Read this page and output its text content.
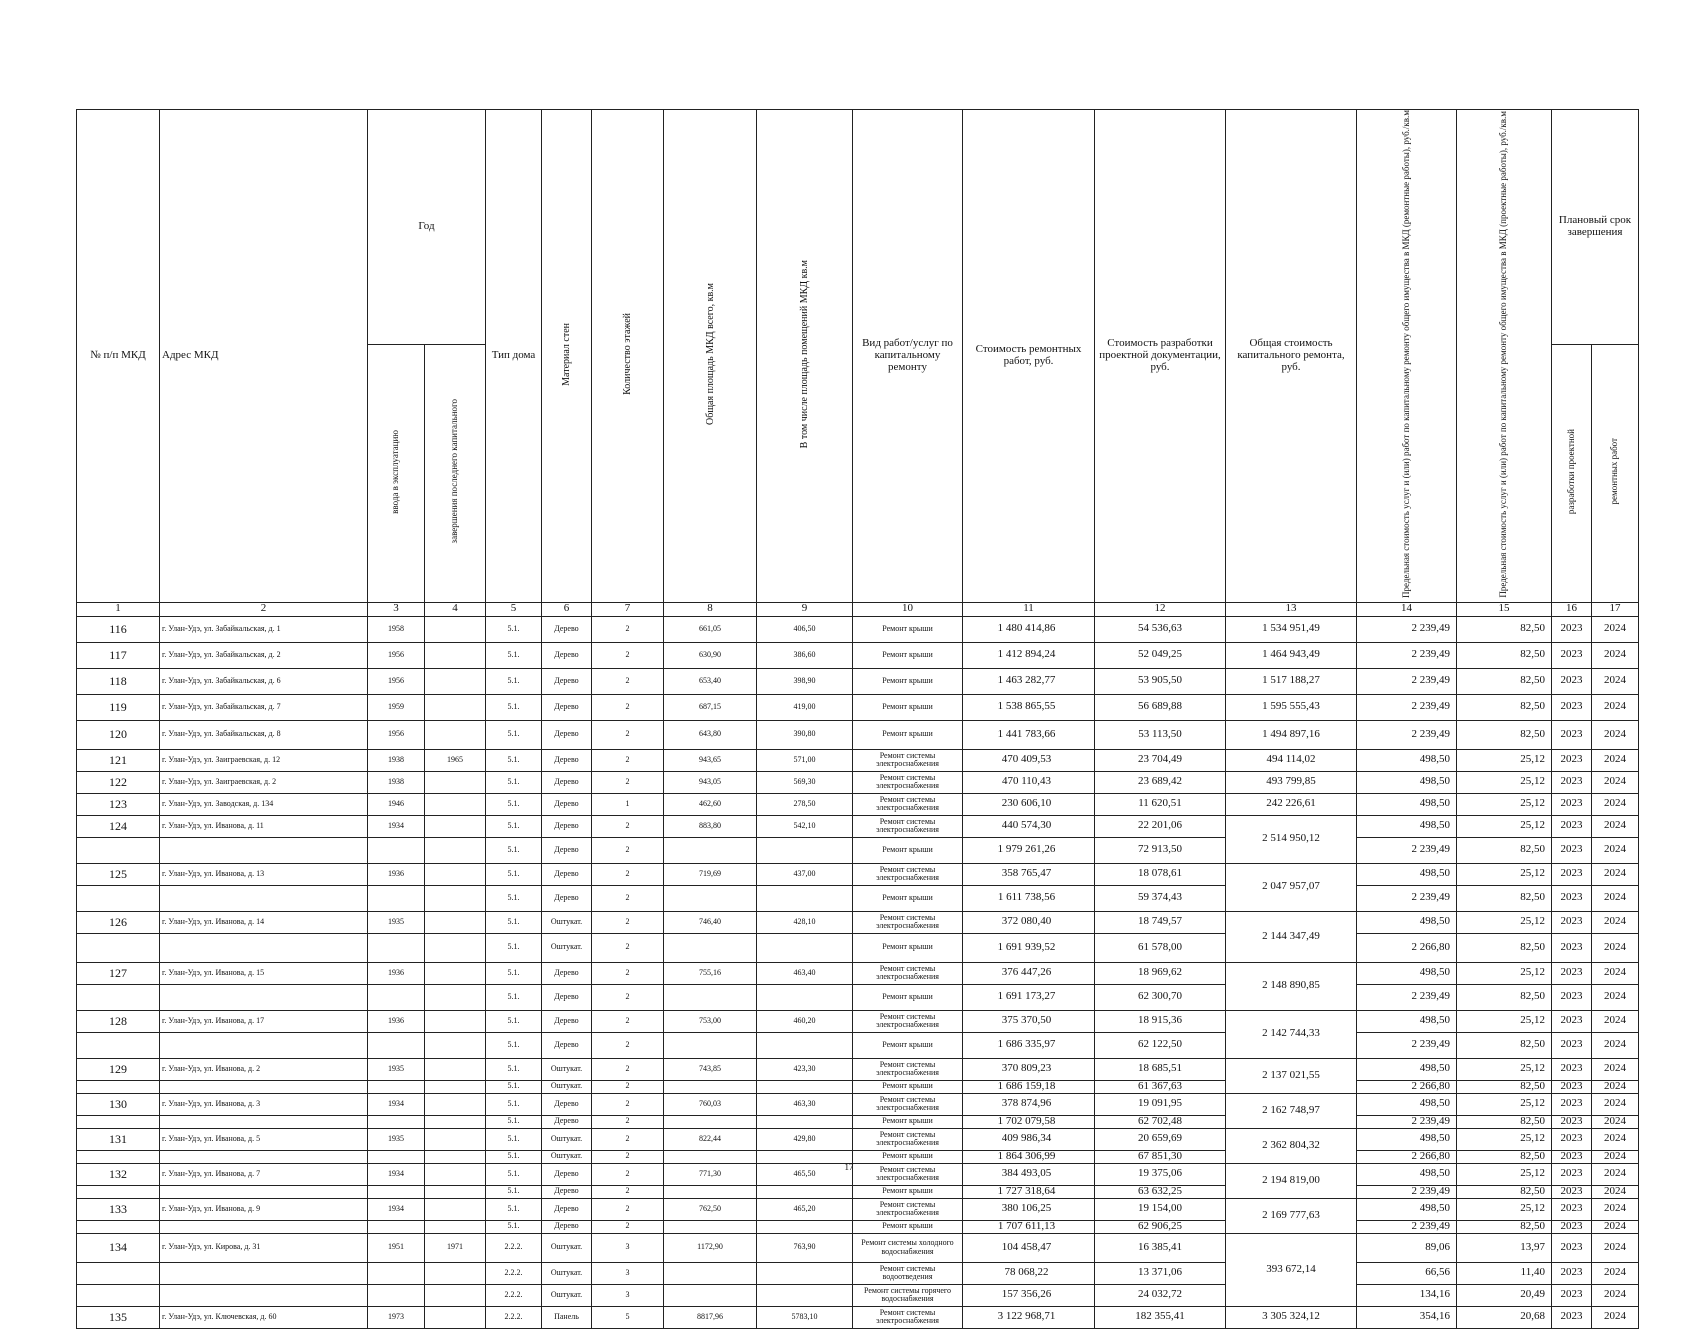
№ п/п МКД	Адрес МКД	Год		Тип дома	Материал стен	Количество этажей	Общая площадь МКД всего, кв.м	В том числе площадь помещений МКД кв.м	Вид работ/услуг по капитальному ремонту	Стоимость ремонтных работ, руб.	Стоимость разработки проектной документации, руб.	Общая стоимость капитального ремонта, руб.	Предельная стоимость услуг и (или) работ по капитальному ремонту общего имущества в МКД (ремонтные работы), руб./кв.м	Предельная стоимость услуг и (или) работ по капитальному ремонту общего имущества в МКД (проектные работы), руб./кв.м	Плановый срок завершения	
		ввода в эксплуатацию	завершения последнего капитального												разработки проектной	ремонтных работ
1	2	3	4	5	6	7	8	9	10	11	12	13	14	15	16	17
116	г. Улан-Удэ, ул. Забайкальская, д. 1	1958		5.1.	Дерево	2	661,05	406,50	Ремонт крыши	1 480 414,86	54 536,63	1 534 951,49	2 239,49	82,50	2023	2024
117	г. Улан-Удэ, ул. Забайкальская, д. 2	1956		5.1.	Дерево	2	630,90	386,60	Ремонт крыши	1 412 894,24	52 049,25	1 464 943,49	2 239,49	82,50	2023	2024
118	г. Улан-Удэ, ул. Забайкальская, д. 6	1956		5.1.	Дерево	2	653,40	398,90	Ремонт крыши	1 463 282,77	53 905,50	1 517 188,27	2 239,49	82,50	2023	2024
119	г. Улан-Удэ, ул. Забайкальская, д. 7	1959		5.1.	Дерево	2	687,15	419,00	Ремонт крыши	1 538 865,55	56 689,88	1 595 555,43	2 239,49	82,50	2023	2024
120	г. Улан-Удэ, ул. Забайкальская, д. 8	1956		5.1.	Дерево	2	643,80	390,80	Ремонт крыши	1 441 783,66	53 113,50	1 494 897,16	2 239,49	82,50	2023	2024
121	г. Улан-Удэ, ул. Заиграевская, д. 12	1938	1965	5.1.	Дерево	2	943,65	571,00	Ремонт системы электроснабжения	470 409,53	23 704,49	494 114,02	498,50	25,12	2023	2024
122	г. Улан-Удэ, ул. Заиграевская, д. 2	1938		5.1.	Дерево	2	943,05	569,30	Ремонт системы электроснабжения	470 110,43	23 689,42	493 799,85	498,50	25,12	2023	2024
123	г. Улан-Удэ, ул. Заводская, д. 134	1946		5.1.	Дерево	1	462,60	278,50	Ремонт системы электроснабжения	230 606,10	11 620,51	242 226,61	498,50	25,12	2023	2024
124	г. Улан-Удэ, ул. Иванова, д. 11	1934		5.1.	Дерево	2	883,80	542,10	Ремонт системы электроснабжения	440 574,30	22 201,06	2 514 950,12	498,50	25,12	2023	2024
				5.1.	Дерево	2			Ремонт крыши	1 979 261,26	72 913,50		2 239,49	82,50	2023	2024
125	г. Улан-Удэ, ул. Иванова, д. 13	1936		5.1.	Дерево	2	719,69	437,00	Ремонт системы электроснабжения	358 765,47	18 078,61	2 047 957,07	498,50	25,12	2023	2024
				5.1.	Дерево	2			Ремонт крыши	1 611 738,56	59 374,43		2 239,49	82,50	2023	2024
126	г. Улан-Удэ, ул. Иванова, д. 14	1935		5.1.	Оштукат.	2	746,40	428,10	Ремонт системы электроснабжения	372 080,40	18 749,57	2 144 347,49	498,50	25,12	2023	2024
				5.1.	Оштукат.	2			Ремонт крыши	1 691 939,52	61 578,00		2 266,80	82,50	2023	2024
127	г. Улан-Удэ, ул. Иванова, д. 15	1936		5.1.	Дерево	2	755,16	463,40	Ремонт системы электроснабжения	376 447,26	18 969,62	2 148 890,85	498,50	25,12	2023	2024
				5.1.	Дерево	2			Ремонт крыши	1 691 173,27	62 300,70		2 239,49	82,50	2023	2024
128	г. Улан-Удэ, ул. Иванова, д. 17	1936		5.1.	Дерево	2	753,00	460,20	Ремонт системы электроснабжения	375 370,50	18 915,36	2 142 744,33	498,50	25,12	2023	2024
				5.1.	Дерево	2			Ремонт крыши	1 686 335,97	62 122,50		2 239,49	82,50	2023	2024
129	г. Улан-Удэ, ул. Иванова, д. 2	1935		5.1.	Оштукат.	2	743,85	423,30	Ремонт системы электроснабжения	370 809,23	18 685,51	2 137 021,55	498,50	25,12	2023	2024
				5.1.	Оштукат.	2			Ремонт крыши	1 686 159,18	61 367,63		2 266,80	82,50	2023	2024
130	г. Улан-Удэ, ул. Иванова, д. 3	1934		5.1.	Дерево	2	760,03	463,30	Ремонт системы электроснабжения	378 874,96	19 091,95	2 162 748,97	498,50	25,12	2023	2024
				5.1.	Дерево	2			Ремонт крыши	1 702 079,58	62 702,48		2 239,49	82,50	2023	2024
131	г. Улан-Удэ, ул. Иванова, д. 5	1935		5.1.	Оштукат.	2	822,44	429,80	Ремонт системы электроснабжения	409 986,34	20 659,69	2 362 804,32	498,50	25,12	2023	2024
				5.1.	Оштукат.	2			Ремонт крыши	1 864 306,99	67 851,30		2 266,80	82,50	2023	2024
132	г. Улан-Удэ, ул. Иванова, д. 7	1934		5.1.	Дерево	2	771,30	465,50	Ремонт системы электроснабжения	384 493,05	19 375,06	2 194 819,00	498,50	25,12	2023	2024
				5.1.	Дерево	2			Ремонт крыши	1 727 318,64	63 632,25		2 239,49	82,50	2023	2024
133	г. Улан-Удэ, ул. Иванова, д. 9	1934		5.1.	Дерево	2	762,50	465,20	Ремонт системы электроснабжения	380 106,25	19 154,00	2 169 777,63	498,50	25,12	2023	2024
				5.1.	Дерево	2			Ремонт крыши	1 707 611,13	62 906,25		2 239,49	82,50	2023	2024
134	г. Улан-Удэ, ул. Кирова, д. 31	1951	1971	2.2.2.	Оштукат.	3	1172,90	763,90	Ремонт системы холодного водоснабжения	104 458,47	16 385,41	393 672,14	89,06	13,97	2023	2024
				2.2.2.	Оштукат.	3			Ремонт системы водоотведения	78 068,22	13 371,06		66,56	11,40	2023	2024
				2.2.2.	Оштукат.	3			Ремонт системы горячего водоснабжения	157 356,26	24 032,72		134,16	20,49	2023	2024
135	г. Улан-Удэ, ул. Ключевская, д. 60	1973		2.2.2.	Панель	5	8817,96	5783,10	Ремонт системы электроснабжения	3 122 968,71	182 355,41	3 305 324,12	354,16	20,68	2023	2024
17
